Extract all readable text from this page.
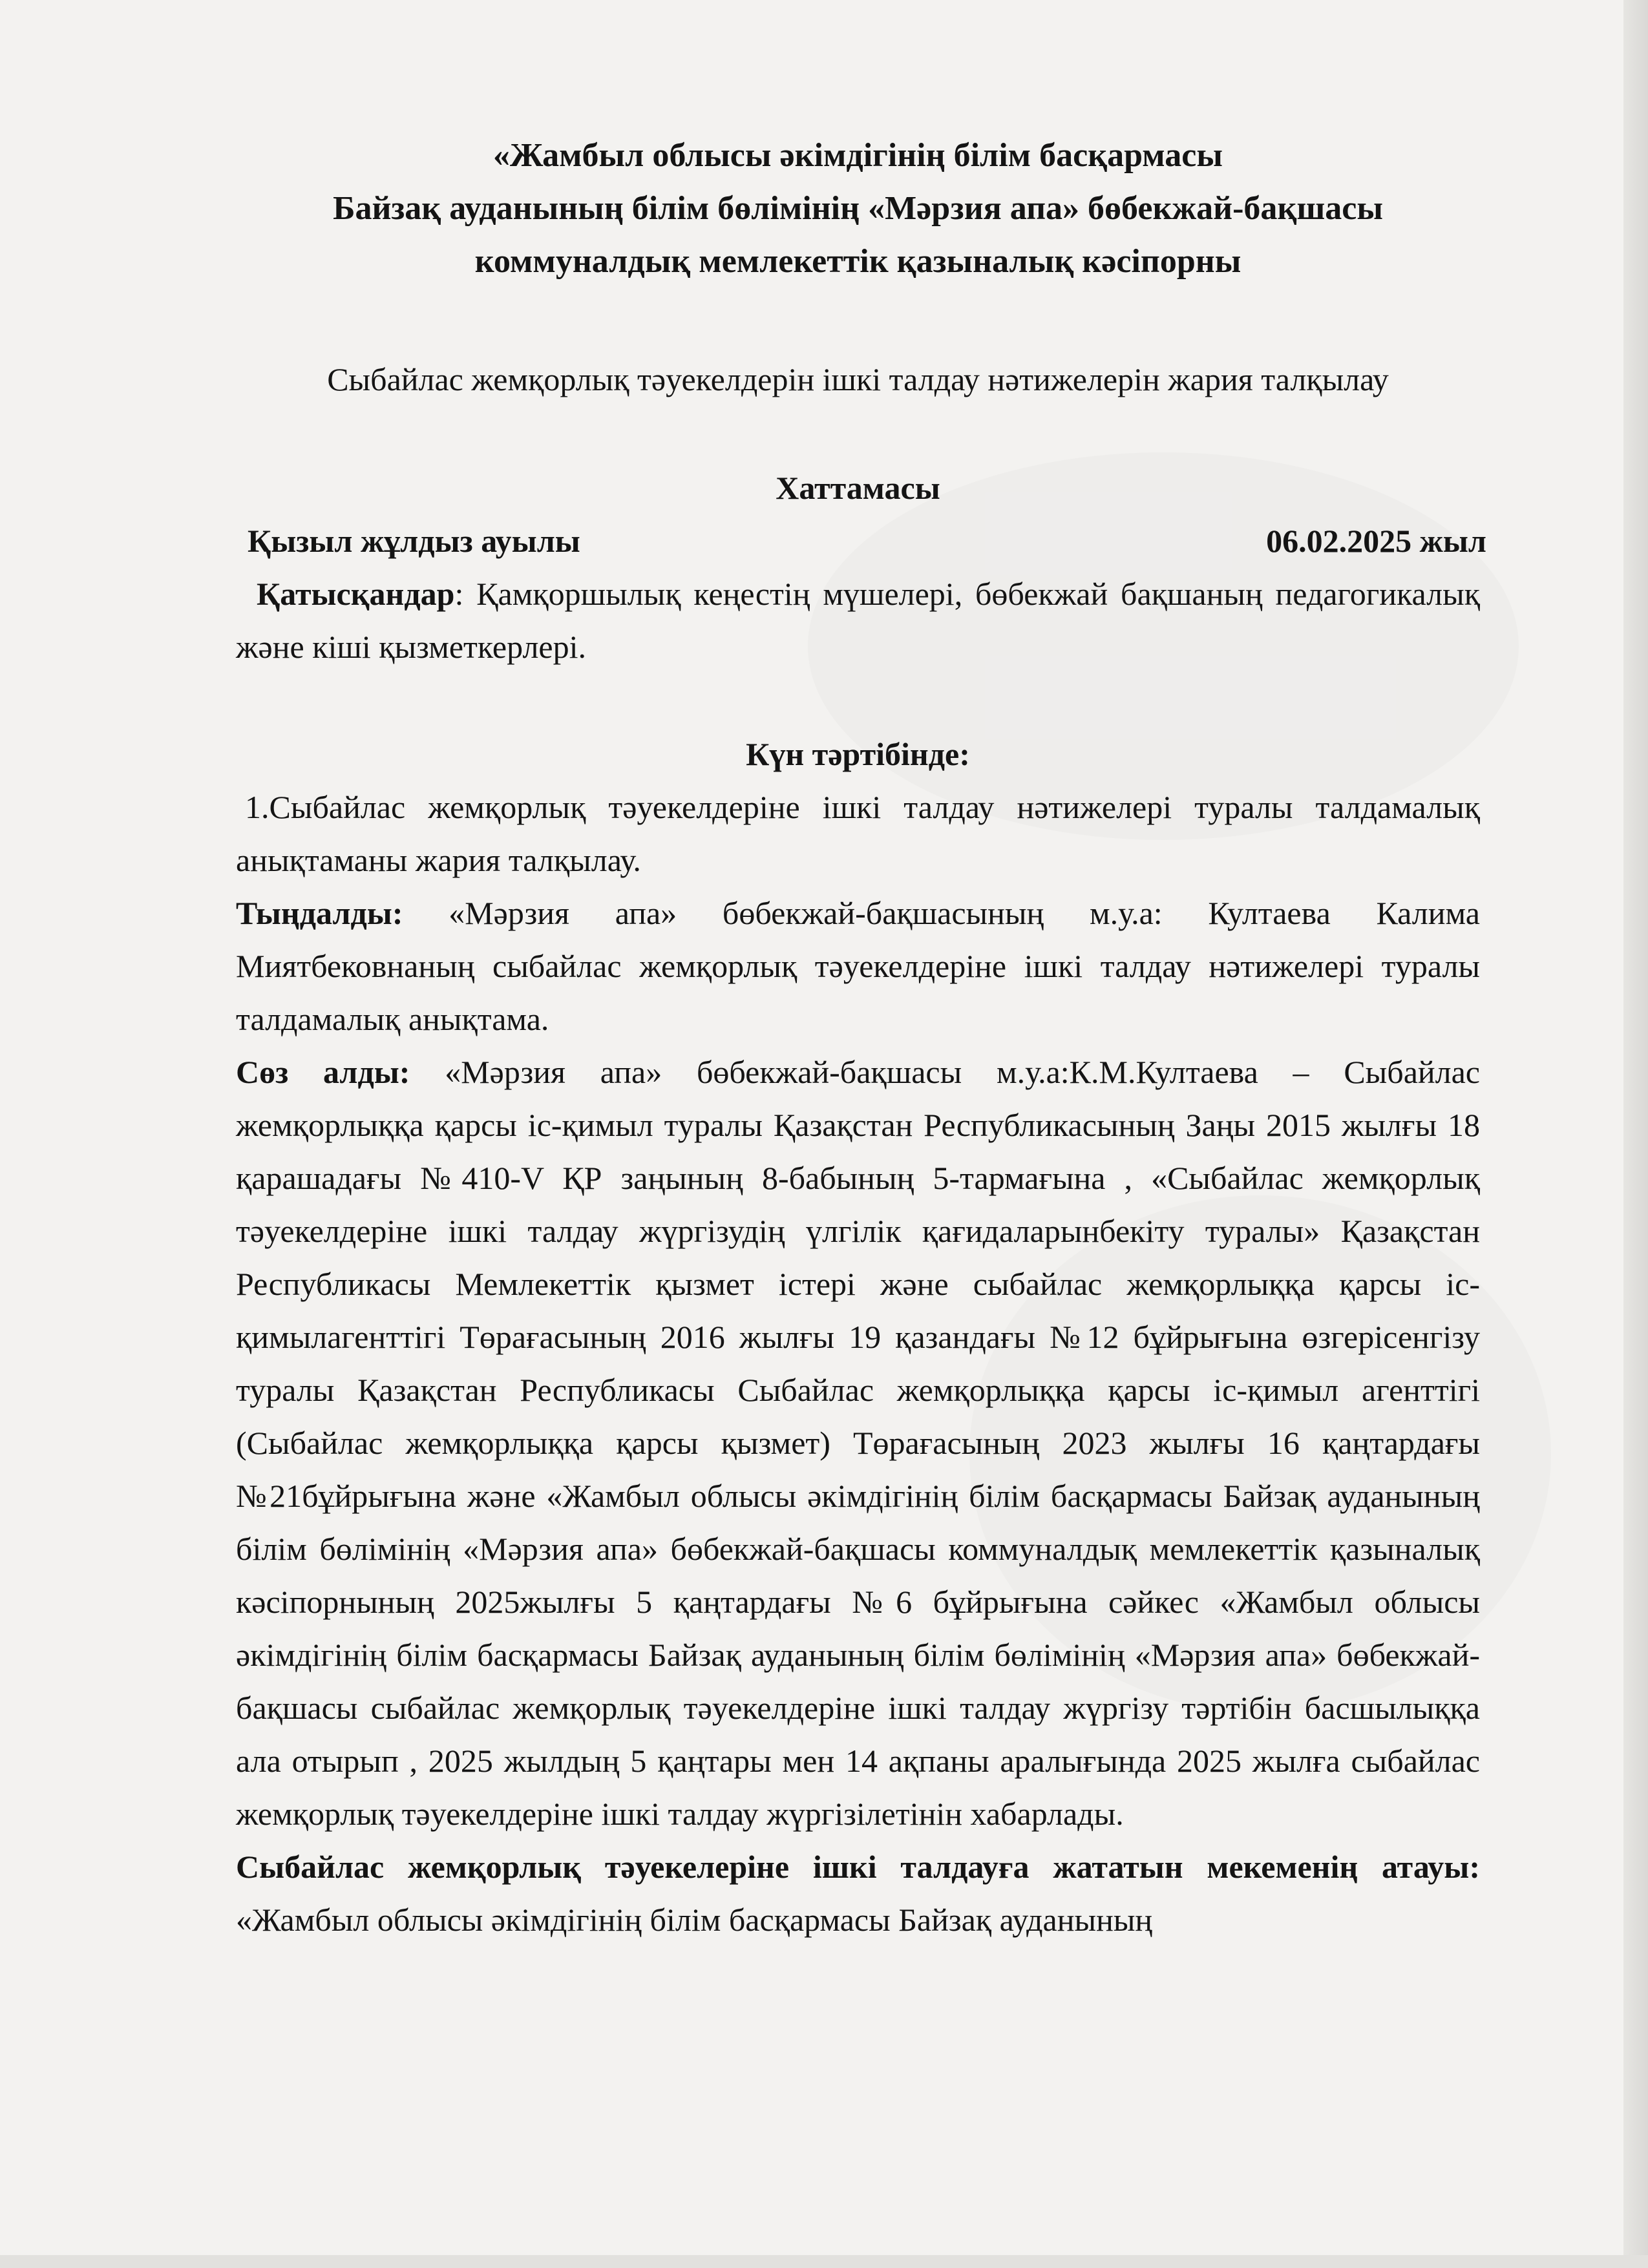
«Жамбыл облысы әкімдігінің білім басқармасы
Байзақ ауданының білім бөлімінің «Мәрзия апа» бөбекжай-бақшасы
коммуналдық мемлекеттік қазыналық кәсіпорны
Сыбайлас жемқорлық тәуекелдерін ішкі талдау нәтижелерін жария талқылау
Хаттамасы
Қызыл жұлдыз ауылы	06.02.2025 жыл

Қатысқандар: Қамқоршылық кеңестің мүшелері, бөбекжай бақшаның педагогикалық және кіші қызметкерлері.

Күн тәртібінде:

1.Сыбайлас жемқорлық тәуекелдеріне ішкі талдау нәтижелері туралы талдамалық анықтаманы жария талқылау.

Тыңдалды: «Мәрзия апа» бөбекжай-бақшасының м.у.а: Култаева Калима Миятбековнаның сыбайлас жемқорлық тәуекелдеріне ішкі талдау нәтижелері туралы талдамалық анықтама.

Сөз алды: «Мәрзия апа» бөбекжай-бақшасы м.у.а:К.М.Култаева – Сыбайлас жемқорлыққа қарсы іс-қимыл туралы Қазақстан Республикасының Заңы 2015 жылғы 18 қарашадағы №410-V ҚР заңының 8-бабының 5-тармағына , «Сыбайлас жемқорлық тәуекелдеріне ішкі талдау жүргізудің үлгілік қағидаларынбекіту туралы» Қазақстан Республикасы Мемлекеттік қызмет істері және сыбайлас жемқорлыққа қарсы іс-қимылагенттігі Төрағасының 2016 жылғы 19 қазандағы №12 бұйрығына өзгерісенгізу туралы Қазақстан Республикасы Сыбайлас жемқорлыққа қарсы іс-қимыл агенттігі (Сыбайлас жемқорлыққа қарсы қызмет) Төрағасының 2023 жылғы 16 қаңтардағы №21бұйрығына және «Жамбыл облысы әкімдігінің білім басқармасы Байзақ ауданының білім бөлімінің «Мәрзия апа» бөбекжай-бақшасы коммуналдық мемлекеттік қазыналық кәсіпорнының 2025жылғы 5 қаңтардағы №6 бұйрығына сәйкес «Жамбыл облысы әкімдігінің білім басқармасы Байзақ ауданының білім бөлімінің «Мәрзия апа» бөбекжай-бақшасы сыбайлас жемқорлық тәуекелдеріне ішкі талдау жүргізу тәртібін басшылыққа ала отырып , 2025 жылдың 5 қаңтары мен 14 ақпаны аралығында 2025 жылға сыбайлас жемқорлық тәуекелдеріне ішкі талдау жүргізілетінін хабарлады.

Сыбайлас жемқорлық тәуекелеріне ішкі талдауға жататын мекеменің атауы: «Жамбыл облысы әкімдігінің білім басқармасы Байзақ ауданының
